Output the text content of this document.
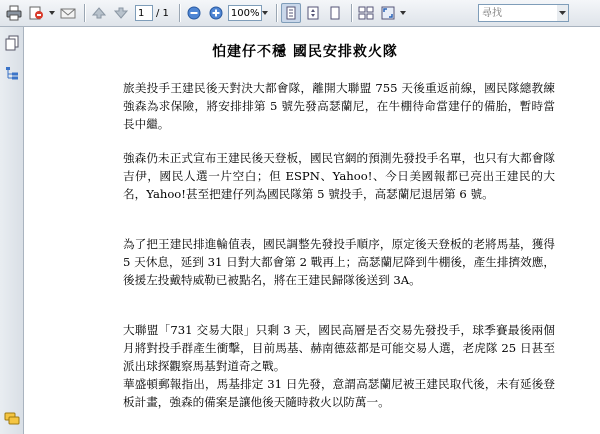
1
/ 1
100%
尋找
怕建仔不穩 國民安排救火隊

旅美投手王建民後天對決大都會隊，離開大聯盟 755 天後重返前線，國民隊總教練強森為求保險，將安排排第 5 號先發高瑟蘭尼，在牛棚待命當建仔的備胎，暫時當長中繼。

強森仍未正式宣布王建民後天登板，國民官網的預測先發投手名單，也只有大都會隊吉伊，國民人選一片空白；但 ESPN、Yahoo!、今日美國報都已亮出王建民的大名，Yahoo!甚至把建仔列為國民隊第 5 號投手，高瑟蘭尼退居第 6 號。

為了把王建民排進輪值表，國民調整先發投手順序，原定後天登板的老將馬基，獲得 5 天休息，延到 31 日對大都會第 2 戰再上；高瑟蘭尼降到牛棚後，產生排擠效應，後援左投戴特威勒已被點名，將在王建民歸隊後送到 3A。

大聯盟「731 交易大限」只剩 3 天，國民高層是否交易先發投手，球季賽最後兩個月將對投手群產生衝擊，目前馬基、赫南德茲都是可能交易人選，老虎隊 25 日甚至派出球探觀察馬基對道奇之戰。

華盛頓郵報指出，馬基排定 31 日先發，意謂高瑟蘭尼被王建民取代後，未有延後登板計畫，強森的備案是讓他後天隨時救火以防萬一。
